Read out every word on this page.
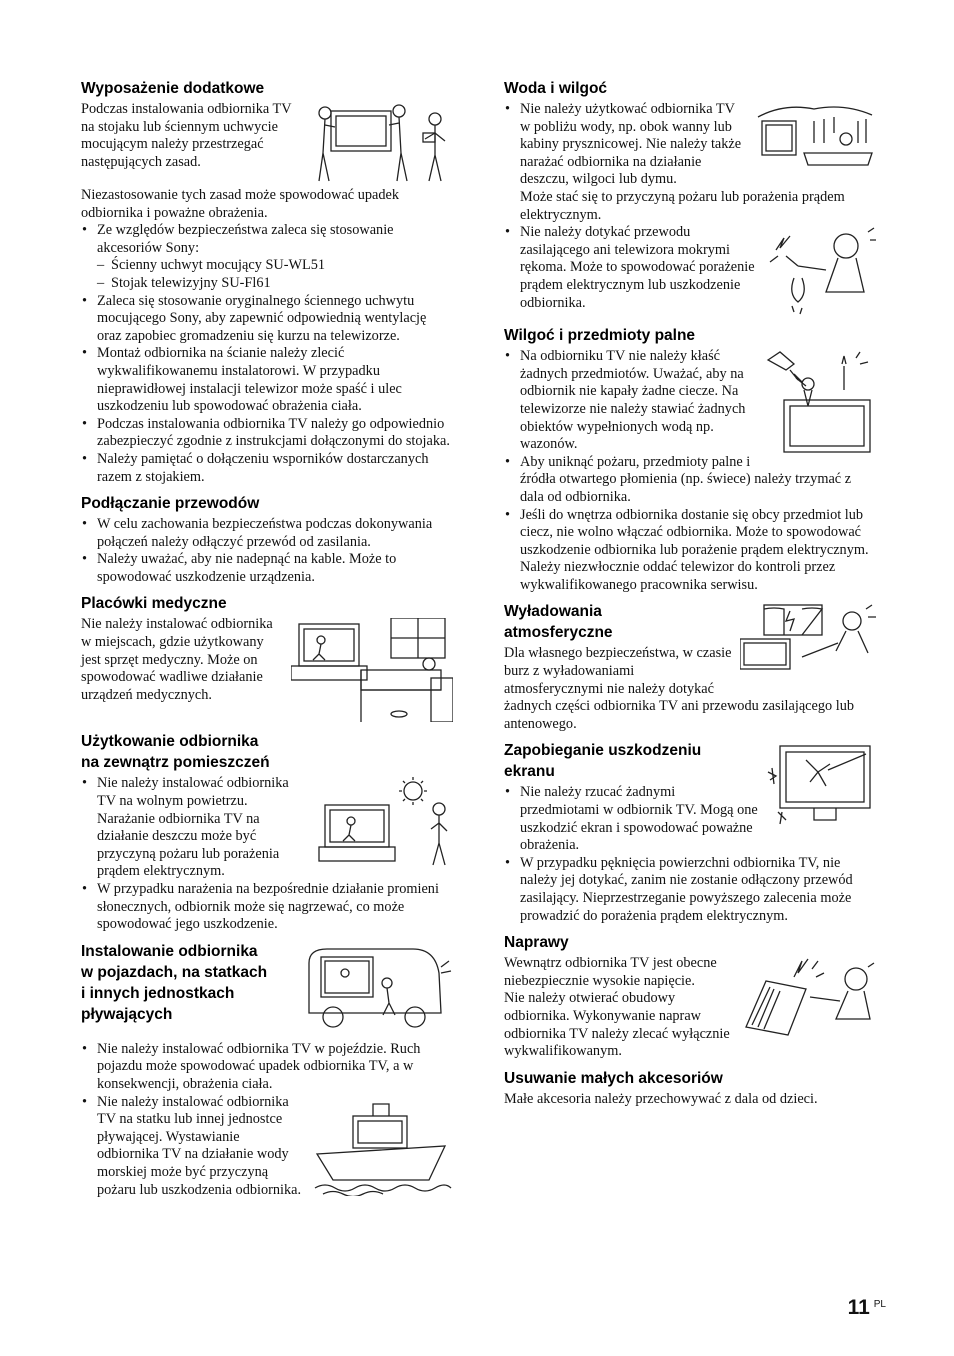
Wyposażenie dodatkowe

Podczas instalowania odbiornika TV na stojaku lub ściennym uchwycie mocującym należy przestrzegać następujących zasad.

Niezastosowanie tych zasad może spowodować upadek odbiornika i poważne obrażenia.

• Ze względów bezpieczeństwa zaleca się stosowanie akcesoriów Sony:
– Ścienny uchwyt mocujący SU-WL51
– Stojak telewizyjny SU-Fl61
• Zaleca się stosowanie oryginalnego ściennego uchwytu mocującego Sony, aby zapewnić odpowiednią wentylację oraz zapobiec gromadzeniu się kurzu na telewizorze.
• Montaż odbiornika na ścianie należy zlecić wykwalifikowanemu instalatorowi. W przypadku nieprawidłowej instalacji telewizor może spaść i ulec uszkodzeniu lub spowodować obrażenia ciała.
• Podczas instalowania odbiornika TV należy go odpowiednio zabezpieczyć zgodnie z instrukcjami dołączonymi do stojaka.
• Należy pamiętać o dołączeniu wsporników dostarczanych razem z stojakiem.
Podłączanie przewodów
• W celu zachowania bezpieczeństwa podczas dokonywania połączeń należy odłączyć przewód od zasilania.
• Należy uważać, aby nie nadepnąć na kable. Może to spowodować uszkodzenie urządzenia.
Placówki medyczne

Nie należy instalować odbiornika w miejscach, gdzie użytkowany jest sprzęt medyczny. Może on spowodować wadliwe działanie urządzeń medycznych.

Użytkowanie odbiornika
na zewnątrz pomieszczeń
• Nie należy instalować odbiornika TV na wolnym powietrzu. Narażanie odbiornika TV na działanie deszczu może być przyczyną pożaru lub porażenia prądem elektrycznym.
• W przypadku narażenia na bezpośrednie działanie promieni słonecznych, odbiornik może się nagrzewać, co może spowodować jego uszkodzenie.
Instalowanie odbiornika
w pojazdach, na statkach
i innych jednostkach
pływających
• Nie należy instalować odbiornika TV w pojeździe. Ruch pojazdu może spowodować upadek odbiornika TV, a w konsekwencji, obrażenia ciała.
• Nie należy instalować odbiornika TV na statku lub innej jednostce pływającej. Wystawianie odbiornika TV na działanie wody morskiej może być przyczyną pożaru lub uszkodzenia odbiornika.
Woda i wilgoć
• Nie należy użytkować odbiornika TV w pobliżu wody, np. obok wanny lub kabiny prysznicowej. Nie należy także narażać odbiornika na działanie deszczu, wilgoci lub dymu.
Może stać się to przyczyną pożaru lub porażenia prądem elektrycznym.
• Nie należy dotykać przewodu zasilającego ani telewizora mokrymi rękoma. Może to spowodować porażenie prądem elektrycznym lub uszkodzenie odbiornika.
Wilgoć i przedmioty palne
• Na odbiorniku TV nie należy kłaść żadnych przedmiotów. Uważać, aby na odbiornik nie kapały żadne ciecze. Na telewizorze nie należy stawiać żadnych obiektów wypełnionych wodą np. wazonów.
• Aby uniknąć pożaru, przedmioty palne i źródła otwartego płomienia (np. świece) należy trzymać z dala od odbiornika.
• Jeśli do wnętrza odbiornika dostanie się obcy przedmiot lub ciecz, nie wolno włączać odbiornika. Może to spowodować uszkodzenie odbiornika lub porażenie prądem elektrycznym. Należy niezwłocznie oddać telewizor do kontroli przez wykwalifikowanego pracownika serwisu.
Wyładowania
atmosferyczne

Dla własnego bezpieczeństwa, w czasie burz z wyładowaniami atmosferycznymi nie należy dotykać żadnych części odbiornika TV ani przewodu zasilającego lub antenowego.

Zapobieganie uszkodzeniu
ekranu
• Nie należy rzucać żadnymi przedmiotami w odbiornik TV. Mogą one uszkodzić ekran i spowodować poważne obrażenia.
• W przypadku pęknięcia powierzchni odbiornika TV, nie należy jej dotykać, zanim nie zostanie odłączony przewód zasilający. Nieprzestrzeganie powyższego zalecenia może prowadzić do porażenia prądem elektrycznym.
Naprawy

Wewnątrz odbiornika TV jest obecne niebezpiecznie wysokie napięcie.

Nie należy otwierać obudowy odbiornika. Wykonywanie napraw odbiornika TV należy zlecać wyłącznie wykwalifikowanym.

Usuwanie małych akcesoriów

Małe akcesoria należy przechowywać z dala od dzieci.

11 $^{PL}$
